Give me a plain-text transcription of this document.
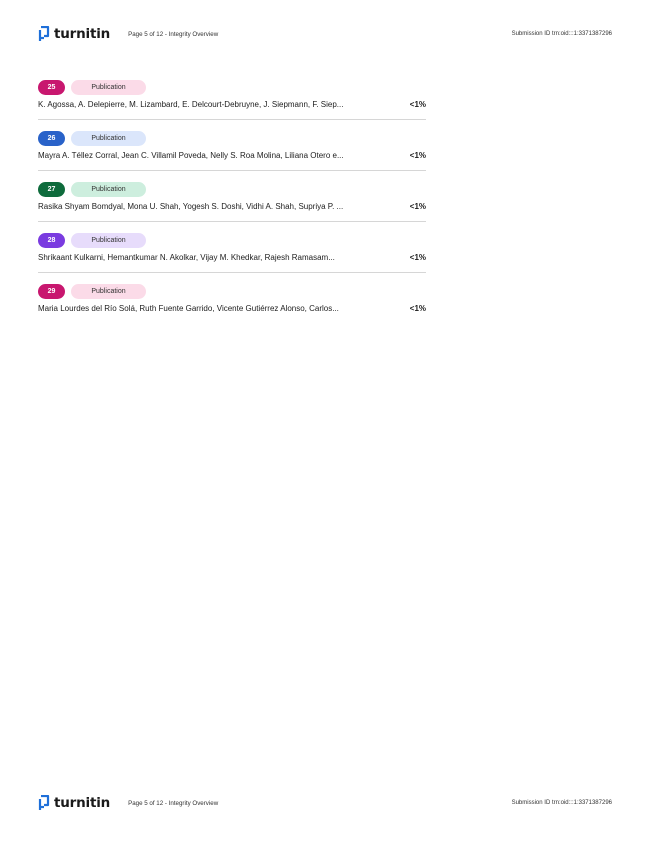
turnitin	Page 5 of 12 - Integrity Overview	Submission ID trn:oid:::1:3371387296
25	Publication
K. Agossa, A. Delepierre, M. Lizambard, E. Delcourt-Debruyne, J. Siepmann, F. Siep...	<1%
26	Publication
Mayra A. Téllez Corral, Jean C. Villamil Poveda, Nelly S. Roa Molina, Liliana Otero e...	<1%
27	Publication
Rasika Shyam Bomdyal, Mona U. Shah, Yogesh S. Doshi, Vidhi A. Shah, Supriya P. ...	<1%
28	Publication
Shrikaant Kulkarni, Hemantkumar N. Akolkar, Vijay M. Khedkar, Rajesh Ramasam...	<1%
29	Publication
Maria Lourdes del Río Solá, Ruth Fuente Garrido, Vicente Gutiérrez Alonso, Carlos...	<1%
turnitin	Page 5 of 12 - Integrity Overview	Submission ID trn:oid:::1:3371387296
